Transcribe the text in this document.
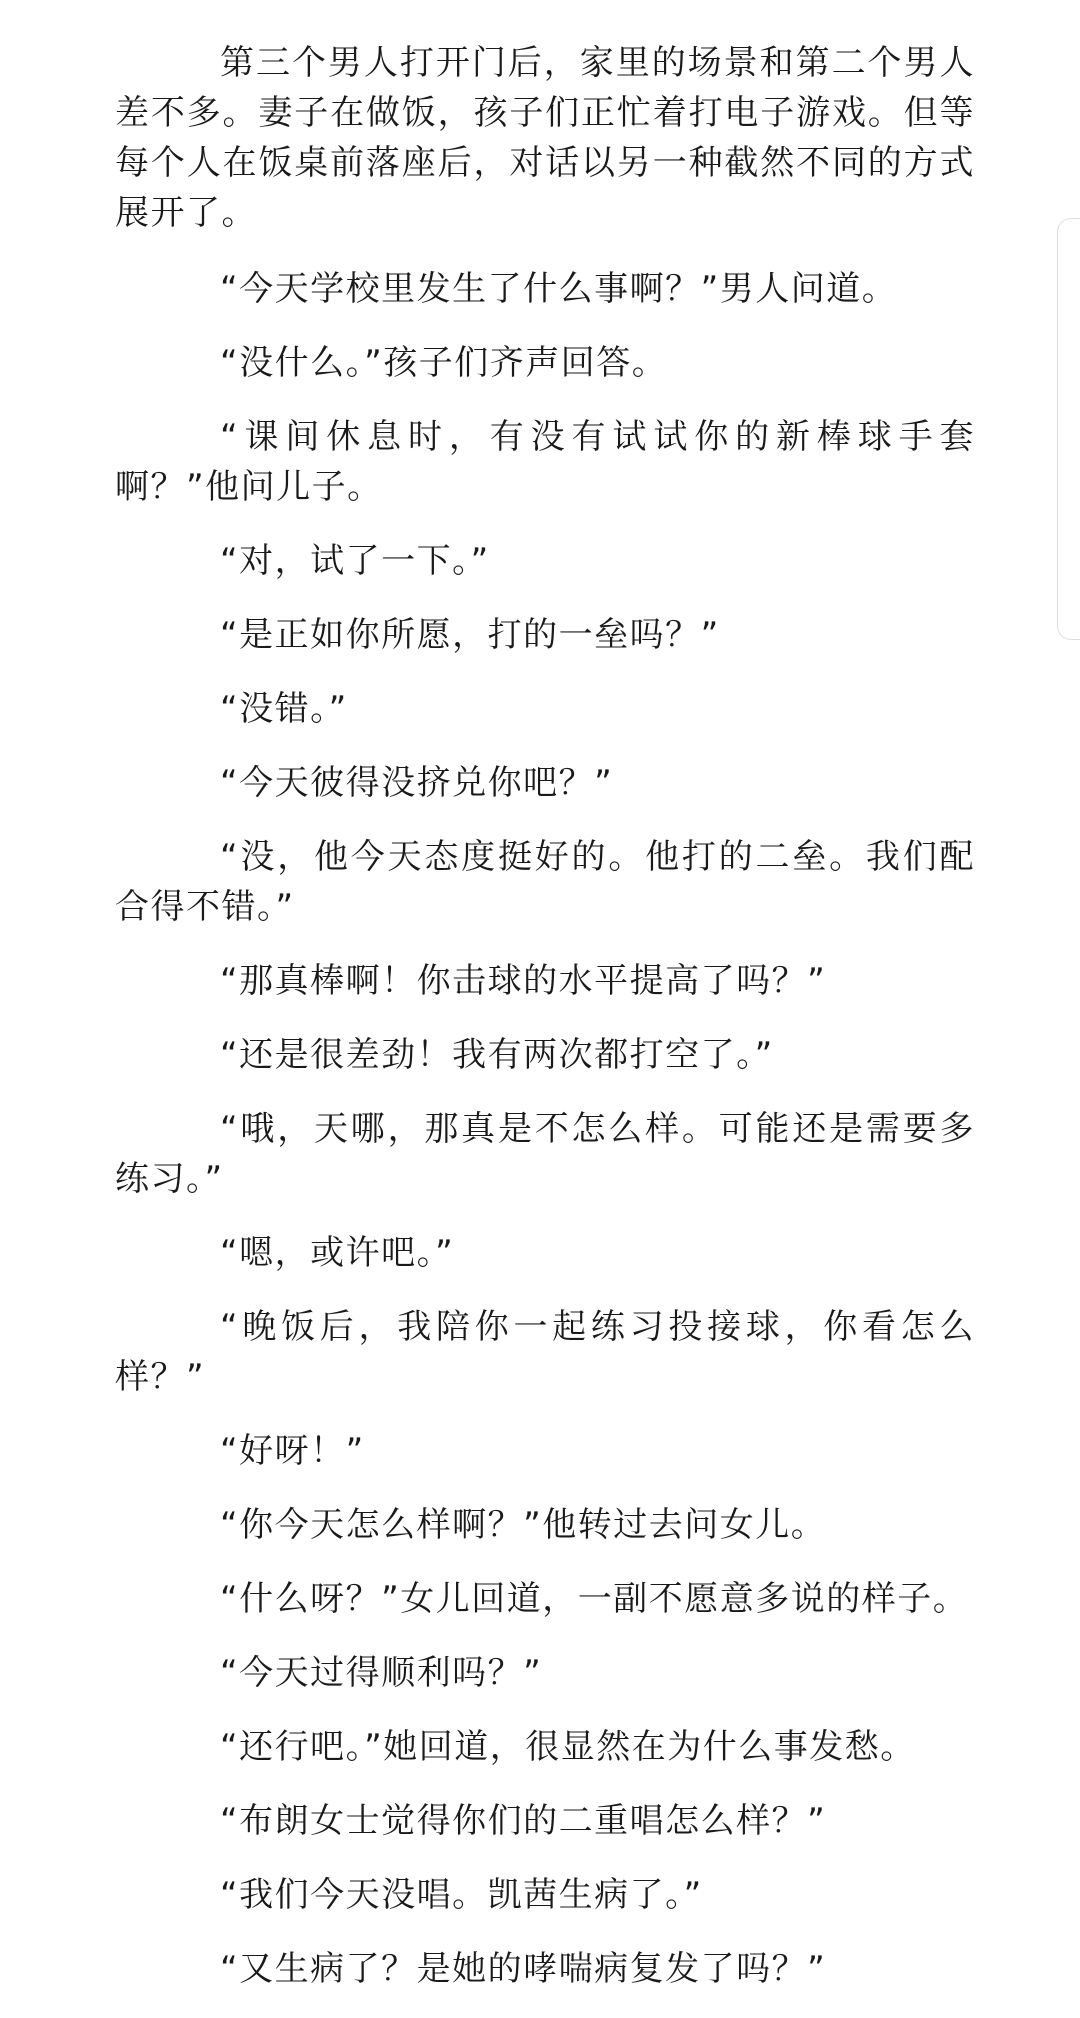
第三个男人打开门后，家里的场景和第二个男人差不多。妻子在做饭，孩子们正忙着打电子游戏。但等每个人在饭桌前落座后，对话以另一种截然不同的方式展开了。

“今天学校里发生了什么事啊？”男人问道。

“没什么。”孩子们齐声回答。

“课间休息时，有没有试试你的新棒球手套啊？”他问儿子。

“对，试了一下。”

“是正如你所愿，打的一垒吗？”

“没错。”

“今天彼得没挤兑你吧？”

“没，他今天态度挺好的。他打的二垒。我们配合得不错。”

“那真棒啊！你击球的水平提高了吗？”

“还是很差劲！我有两次都打空了。”

“哦，天哪，那真是不怎么样。可能还是需要多练习。”

“嗯，或许吧。”

“晚饭后，我陪你一起练习投接球，你看怎么样？”

“好呀！”

“你今天怎么样啊？”他转过去问女儿。

“什么呀？”女儿回道，一副不愿意多说的样子。

“今天过得顺利吗？”

“还行吧。”她回道，很显然在为什么事发愁。

“布朗女士觉得你们的二重唱怎么样？”

“我们今天没唱。凯茜生病了。”

“又生病了？是她的哮喘病复发了吗？”
